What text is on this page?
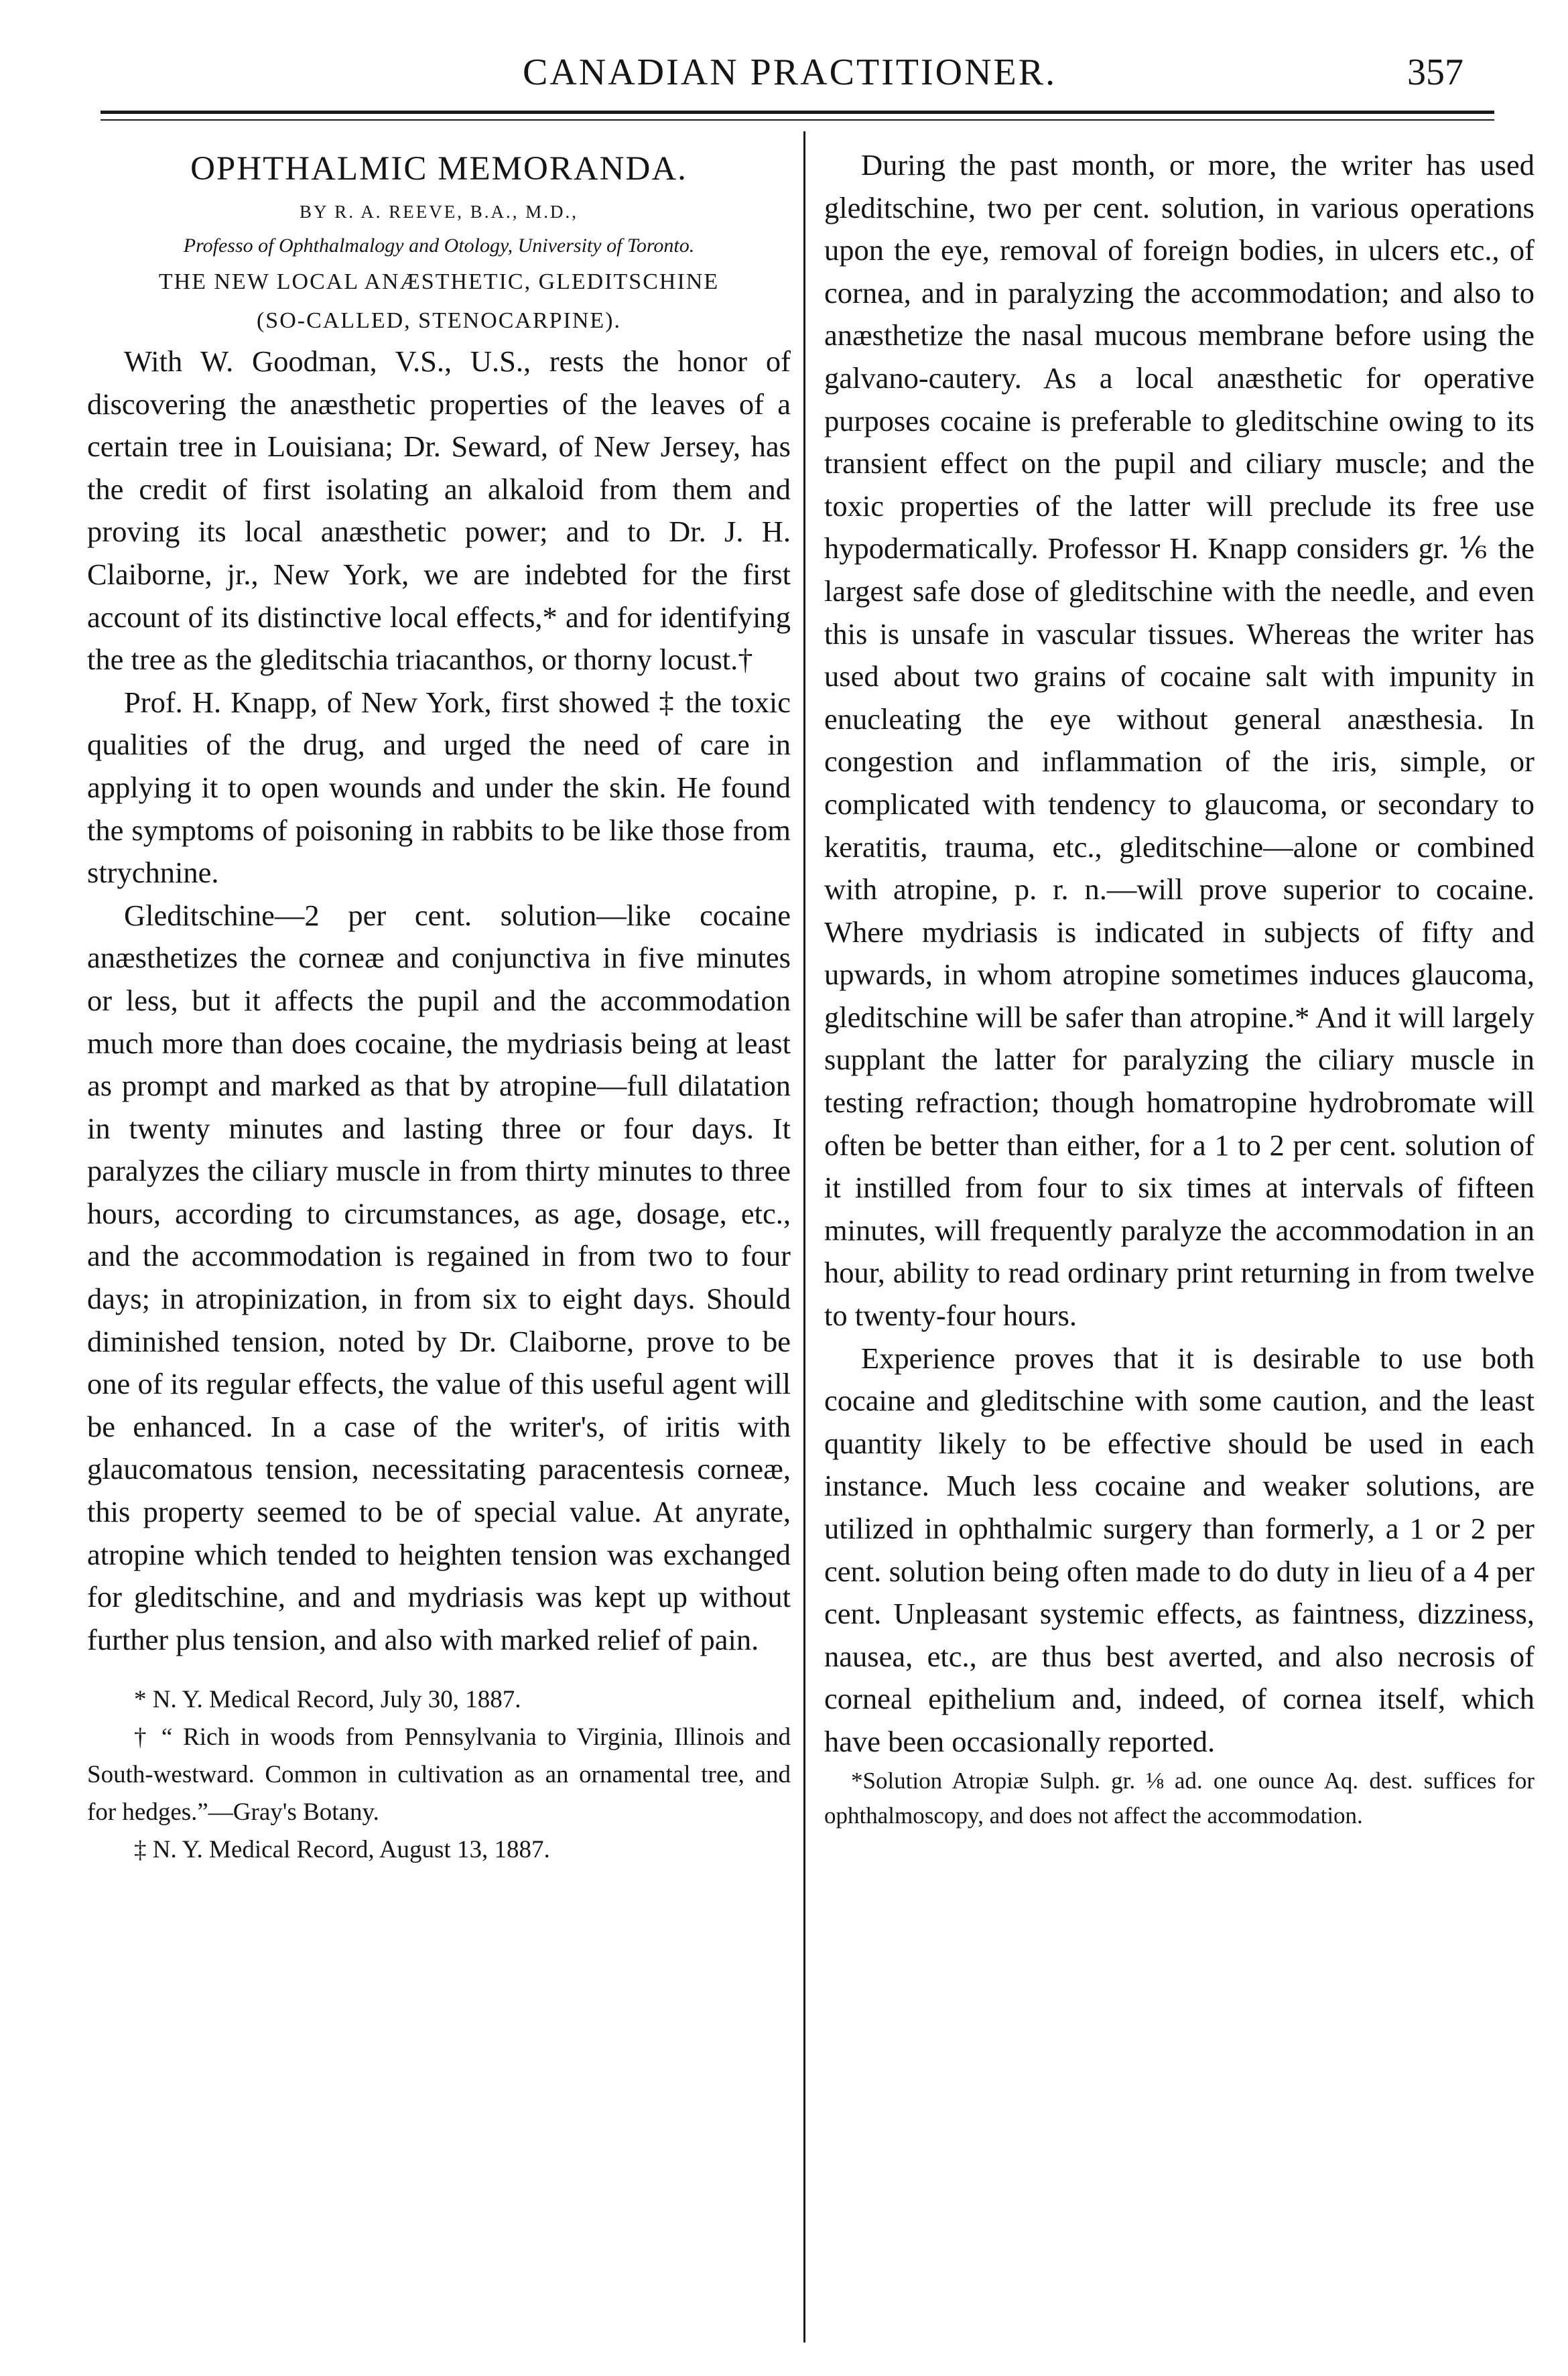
CANADIAN PRACTITIONER.	357

OPHTHALMIC MEMORANDA.

BY R. A. REEVE, B.A., M.D.,

Professo of Ophthalmalogy and Otology, University of Toronto.

THE NEW LOCAL ANÆSTHETIC, GLEDITSCHINE

(SO-CALLED, STENOCARPINE).

With W. Goodman, V.S., U.S., rests the honor of discovering the anæsthetic properties of the leaves of a certain tree in Louisiana; Dr. Seward, of New Jersey, has the credit of first isolating an alkaloid from them and proving its local anæsthetic power; and to Dr. J. H. Claiborne, jr., New York, we are indebted for the first account of its distinctive local effects,* and for identifying the tree as the gleditschia triacanthos, or thorny locust.†

Prof. H. Knapp, of New York, first showed ‡ the toxic qualities of the drug, and urged the need of care in applying it to open wounds and under the skin. He found the symptoms of poisoning in rabbits to be like those from strychnine.

Gleditschine—2 per cent. solution—like cocaine anæsthetizes the corneæ and conjunctiva in five minutes or less, but it affects the pupil and the accommodation much more than does cocaine, the mydriasis being at least as prompt and marked as that by atropine—full dilatation in twenty minutes and lasting three or four days. It paralyzes the ciliary muscle in from thirty minutes to three hours, according to circumstances, as age, dosage, etc., and the accommodation is regained in from two to four days; in atropinization, in from six to eight days. Should diminished tension, noted by Dr. Claiborne, prove to be one of its regular effects, the value of this useful agent will be enhanced. In a case of the writer's, of iritis with glaucomatous tension, necessitating paracentesis corneæ, this property seemed to be of special value. At anyrate, atropine which tended to heighten tension was exchanged for gleditschine, and and mydriasis was kept up without further plus tension, and also with marked relief of pain.

* N. Y. Medical Record, July 30, 1887.

† “ Rich in woods from Pennsylvania to Virginia, Illinois and South-westward. Common in cultivation as an ornamental tree, and for hedges.”—Gray's Botany.

‡ N. Y. Medical Record, August 13, 1887.

During the past month, or more, the writer has used gleditschine, two per cent. solution, in various operations upon the eye, removal of foreign bodies, in ulcers etc., of cornea, and in paralyzing the accommodation; and also to anæsthetize the nasal mucous membrane before using the galvano-cautery. As a local anæsthetic for operative purposes cocaine is preferable to gleditschine owing to its transient effect on the pupil and ciliary muscle; and the toxic properties of the latter will preclude its free use hypodermatically. Professor H. Knapp considers gr. ⅙ the largest safe dose of gleditschine with the needle, and even this is unsafe in vascular tissues. Whereas the writer has used about two grains of cocaine salt with impunity in enucleating the eye without general anæsthesia. In congestion and inflammation of the iris, simple, or complicated with tendency to glaucoma, or secondary to keratitis, trauma, etc., gleditschine—alone or combined with atropine, p. r. n.—will prove superior to cocaine. Where mydriasis is indicated in subjects of fifty and upwards, in whom atropine sometimes induces glaucoma, gleditschine will be safer than atropine.* And it will largely supplant the latter for paralyzing the ciliary muscle in testing refraction; though homatropine hydrobromate will often be better than either, for a 1 to 2 per cent. solution of it instilled from four to six times at intervals of fifteen minutes, will frequently paralyze the accommodation in an hour, ability to read ordinary print returning in from twelve to twenty-four hours.

Experience proves that it is desirable to use both cocaine and gleditschine with some caution, and the least quantity likely to be effective should be used in each instance. Much less cocaine and weaker solutions, are utilized in ophthalmic surgery than formerly, a 1 or 2 per cent. solution being often made to do duty in lieu of a 4 per cent. Unpleasant systemic effects, as faintness, dizziness, nausea, etc., are thus best averted, and also necrosis of corneal epithelium and, indeed, of cornea itself, which have been occasionally reported.

*Solution Atropiæ Sulph. gr. ⅛ ad. one ounce Aq. dest. suffices for ophthalmoscopy, and does not affect the accommodation.
